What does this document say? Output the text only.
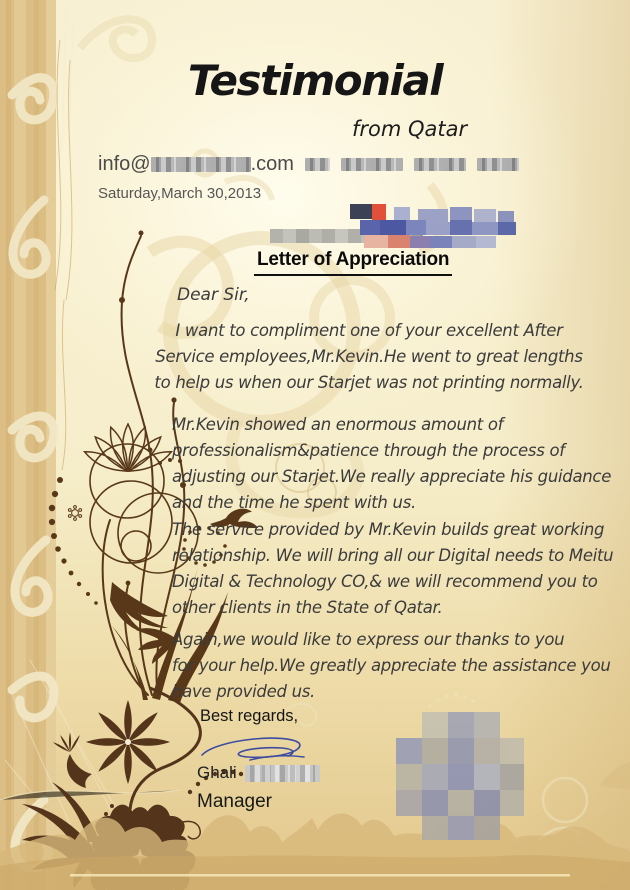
Testimonial
from Qatar
info@	.com
Saturday,March 30,2013
Letter of Appreciation
Dear Sir,
I want to compliment one of your excellent After
Service employees,Mr.Kevin.He went to great lengths
to help us when our Starjet was not printing normally.
Mr.Kevin showed an enormous amount of
professionalism&patience through the process of
adjusting our Starjet.We really appreciate his guidance
and the time he spent with us.
The service provided by Mr.Kevin builds great working
relationship. We will bring all our Digital needs to Meitu
Digital & Technology CO,& we will recommend you to
other clients in the State of Qatar.
Again,we would like to express our thanks to you
for your help.We greatly appreciate the assistance you
have provided us.
Best regards,
Ghali
Manager
